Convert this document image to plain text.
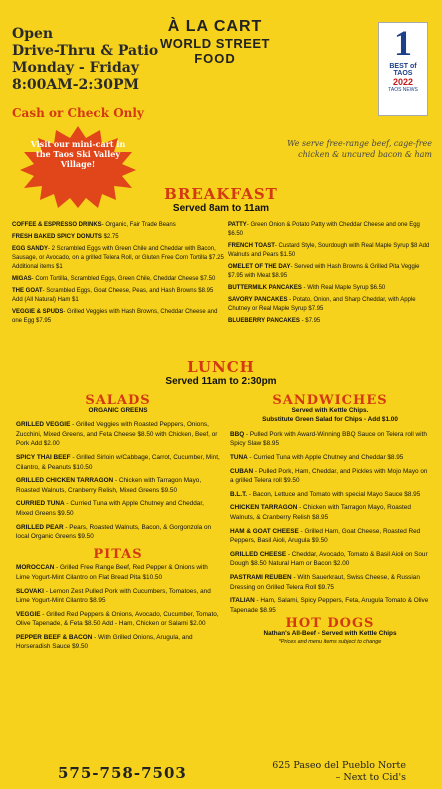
Open
Drive-Thru & Patio
Monday - Friday
8:00AM-2:30PM
Cash or Check Only
À LA CART
WORLD STREET
FOOD	1
BEST of TAOS
2022
TAOS NEWS
Visit our mini-cart in the Taos Ski Valley Village!
We serve free-range beef, cage-free chicken & uncured bacon & ham
BREAKFAST
Served 8am to 11am
COFFEE & ESPRESSO DRINKS- Organic, Fair Trade Beans
FRESH BAKED SPICY DONUTS $2.75
EGG SANDY- 2 Scrambled Eggs with Green Chile and Cheddar with Bacon, Sausage, or Avocado, on a grilled Telera Roll, or Gluten Free Corn Tortilla $7.25 Additional items $1
MIGAS- Corn Tortilla, Scrambled Eggs, Green Chile, Cheddar Cheese $7.50
THE GOAT- Scrambled Eggs, Goat Cheese, Peas, and Hash Browns $8.95 Add (All Natural) Ham $1
VEGGIE & SPUDS- Grilled Veggies with Hash Browns, Cheddar Cheese and one Egg $7.95
PATTY- Green Onion & Potato Patty with Cheddar Cheese and one Egg $6.50
FRENCH TOAST- Custard Style, Sourdough with Real Maple Syrup $8 Add Walnuts and Pears $1.50
OMELET OF THE DAY- Served with Hash Browns & Grilled Pita Veggie $7.95 with Meat $8.95
BUTTERMILK PANCAKES - With Real Maple Syrup $6.50
SAVORY PANCAKES - Potato, Onion, and Sharp Cheddar, with Apple Chutney or Real Maple Syrup $7.95
BLUEBERRY PANCAKES - $7.95
LUNCH
Served 11am to 2:30pm
SALADS
ORGANIC GREENS
GRILLED VEGGIE - Grilled Veggies with Roasted Peppers, Onions, Zucchini, Mixed Greens, and Feta Cheese $8.50 with Chicken, Beef, or Pork Add $2.00
SPICY THAI BEEF - Grilled Sirloin w/Cabbage, Carrot, Cucumber, Mint, Cilantro, & Peanuts $10.50
GRILLED CHICKEN TARRAGON - Chicken with Tarragon Mayo, Roasted Walnuts, Cranberry Relish, Mixed Greens $9.50
CURRIED TUNA - Curried Tuna with Apple Chutney and Cheddar, Mixed Greens $9.50
GRILLED PEAR - Pears, Roasted Walnuts, Bacon, & Gorgonzola on local Organic Greens $9.50
PITAS
MOROCCAN - Grilled Free Range Beef, Red Pepper & Onions with Lime Yogurt-Mint Cilantro on Flat Bread Pita $10.50
SLOVAKI - Lemon Zest Pulled Pork with Cucumbers, Tomatoes, and Lime Yogurt-Mint Cilantro $8.95
VEGGIE - Grilled Red Peppers & Onions, Avocado, Cucumber, Tomato, Olive Tapenade, & Feta $8.50 Add - Ham, Chicken or Salami $2.00
PEPPER BEEF & BACON - With Grilled Onions, Arugula, and Horseradish Sauce $9.50
SANDWICHES
Served with Kettle Chips.
Substitute Green Salad for Chips - Add $1.00
BBQ - Pulled Pork with Award-Winning BBQ Sauce on Telera roll with Spicy Slaw $8.95
TUNA - Curried Tuna with Apple Chutney and Cheddar $8.95
CUBAN - Pulled Pork, Ham, Cheddar, and Pickles with Mojo Mayo on a grilled Telera roll $9.50
B.L.T. - Bacon, Lettuce and Tomato with special Mayo Sauce $8.95
CHICKEN TARRAGON - Chicken with Tarragon Mayo, Roasted Walnuts, & Cranberry Relish $8.95
HAM & GOAT CHEESE - Grilled Ham, Goat Cheese, Roasted Red Peppers, Basil Aioli, Arugula $9.50
GRILLED CHEESE - Cheddar, Avocado, Tomato & Basil Aioli on Sour Dough $8.50 Natural Ham or Bacon $2.00
PASTRAMI REUBEN - With Sauerkraut, Swiss Cheese, & Russian Dressing on Grilled Telera Roll $9.75
ITALIAN - Ham, Salami, Spicy Peppers, Feta, Arugula Tomato & Olive Tapenade $8.95
HOT DOGS
Nathan's All-Beef - Served with Kettle Chips
*Prices and menu items subject to change
575-758-7503	625 Paseo del Pueblo Norte
– Next to Cid's
